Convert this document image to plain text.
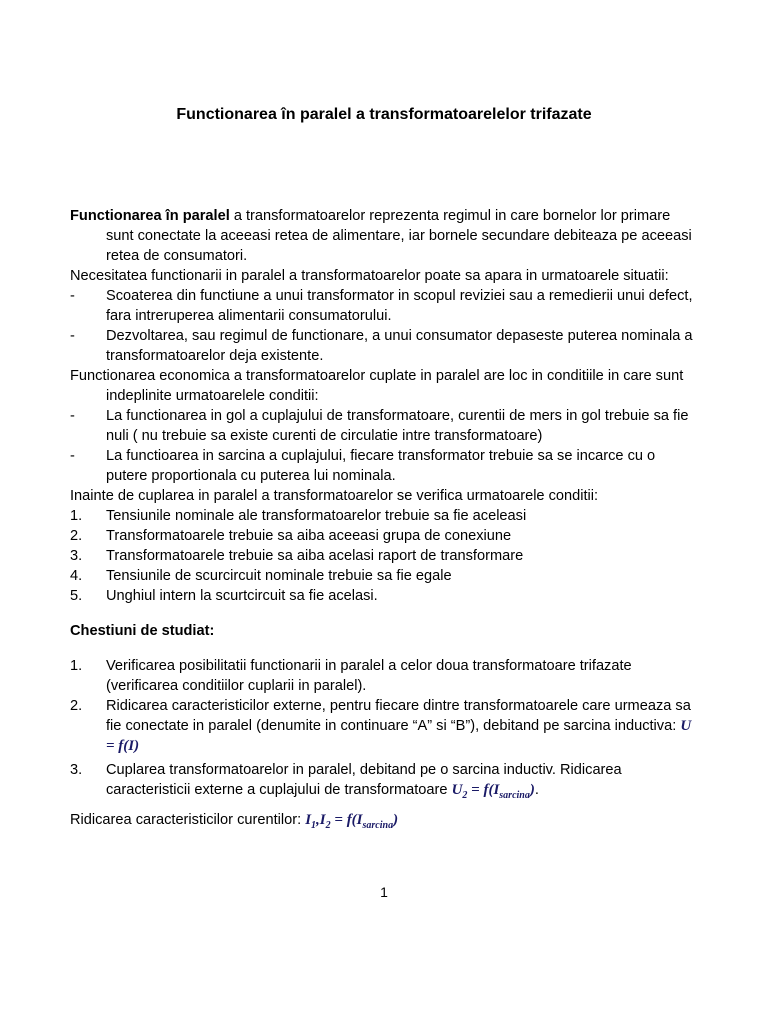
Functionarea în paralel a transformatoarelelor trifazate

Functionarea în paralel a transformatoarelor reprezenta regimul in care bornelor lor primare sunt conectate la aceeasi retea de alimentare, iar bornele secundare debiteaza pe aceeasi retea de consumatori.

Necesitatea functionarii in paralel a transformatoarelor poate sa apara in urmatoarele situatii:

-	Scoaterea din functiune a unui transformator in scopul reviziei sau a remedierii unui defect, fara intreruperea alimentarii consumatorului.
-	Dezvoltarea, sau regimul de functionare, a unui consumator depaseste puterea nominala a transformatoarelor deja existente.

Functionarea economica a transformatoarelor cuplate in paralel are loc in conditiile in care sunt indeplinite urmatoarelele conditii:

-	La functionarea in gol a cuplajului de transformatoare, curentii de mers in gol trebuie sa fie nuli ( nu trebuie sa existe curenti de circulatie intre transformatoare)
-	La functioarea in sarcina a cuplajului, fiecare transformator trebuie sa se incarce cu o putere proportionala cu puterea lui nominala.

Inainte de cuplarea in paralel a transformatoarelor se verifica urmatoarele conditii:

1.	Tensiunile nominale ale transformatoarelor trebuie sa fie aceleasi
2.	Transformatoarele trebuie sa aiba aceeasi grupa de conexiune
3.	Transformatoarele trebuie sa aiba acelasi raport de transformare
4.	Tensiunile de scurcircuit nominale trebuie sa fie egale
5.	Unghiul intern la scurtcircuit sa fie acelasi.

Chestiuni de studiat:

1.	Verificarea posibilitatii functionarii in paralel a celor doua transformatoare trifazate (verificarea conditiilor cuplarii in paralel).
2.	Ridicarea caracteristicilor externe, pentru fiecare dintre transformatoarele care urmeaza sa fie conectate in paralel (denumite in continuare “A” si “B”), debitand pe sarcina inductiva: U = f(I)
3.	Cuplarea transformatoarelor in paralel, debitand pe o sarcina inductiv. Ridicarea caracteristicii externe a cuplajului de transformatoare $U_2 = f(I_{sarcina})$.

Ridicarea caracteristicilor curentilor: $I_1,I_2 = f(I_{sarcina})$

1
